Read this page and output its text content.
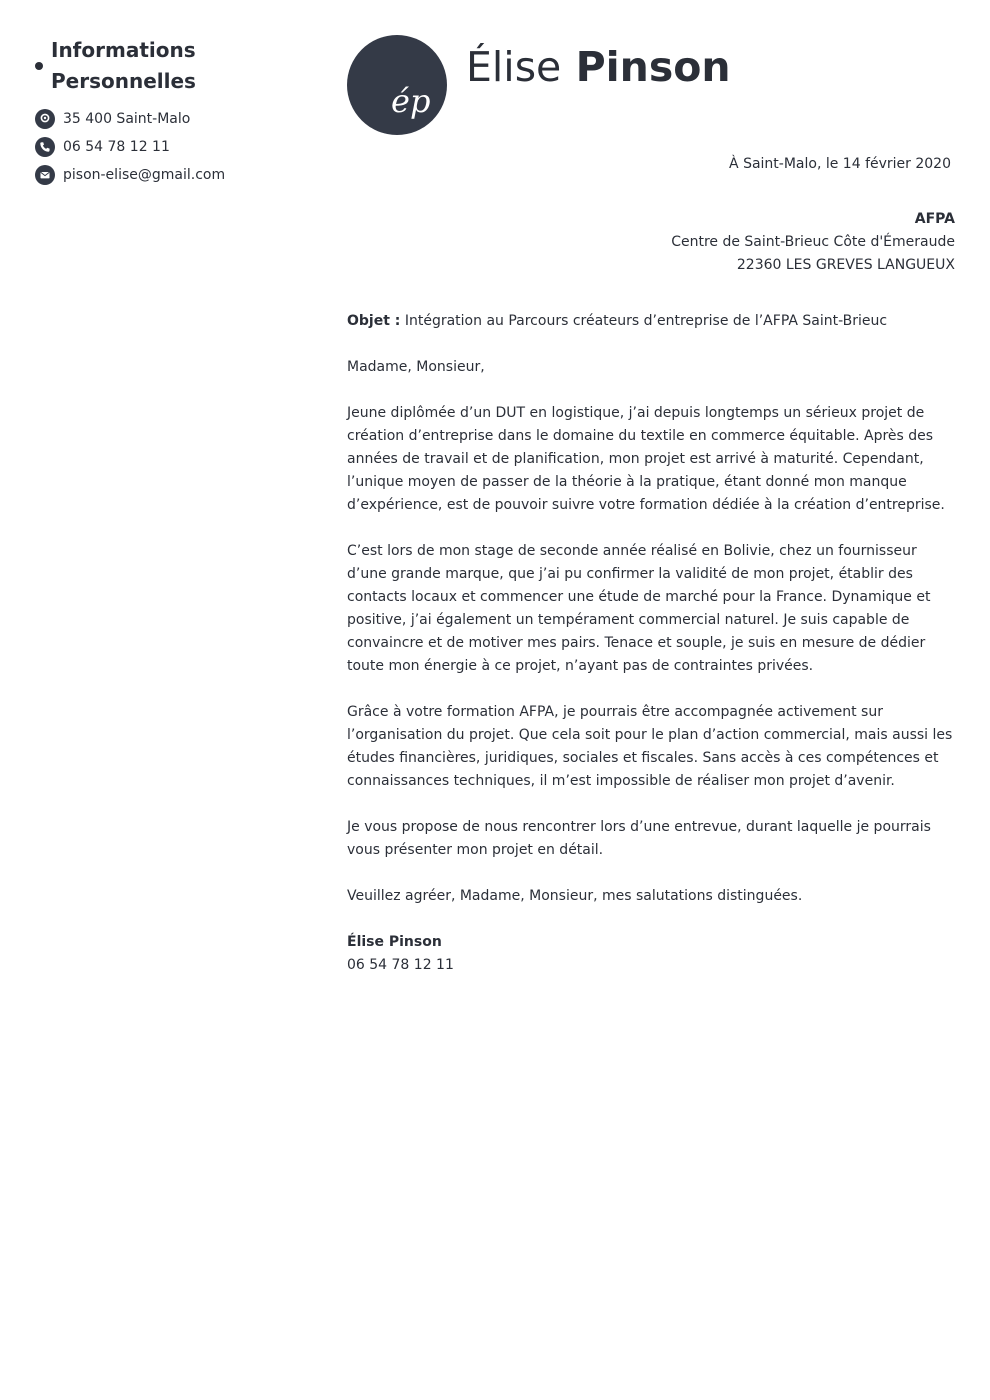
Informations
Personnelles
35 400 Saint-Malo
06 54 78 12 11
pison-elise@gmail.com
ép
Élise Pinson
À Saint-Malo, le 14 février 2020
AFPA
Centre de Saint-Brieuc Côte d'Émeraude
22360 LES GREVES LANGUEUX

Objet : Intégration au Parcours créateurs d’entreprise de l’AFPA Saint-Brieuc

Madame, Monsieur,

Jeune diplômée d’un DUT en logistique, j’ai depuis longtemps un sérieux projet de création d’entreprise dans le domaine du textile en commerce équitable. Après des années de travail et de planification, mon projet est arrivé à maturité. Cependant, l’unique moyen de passer de la théorie à la pratique, étant donné mon manque d’expérience, est de pouvoir suivre votre formation dédiée à la création d’entreprise.

C’est lors de mon stage de seconde année réalisé en Bolivie, chez un fournisseur d’une grande marque, que j’ai pu confirmer la validité de mon projet, établir des contacts locaux et commencer une étude de marché pour la France. Dynamique et positive, j’ai également un tempérament commercial naturel. Je suis capable de convaincre et de motiver mes pairs. Tenace et souple, je suis en mesure de dédier toute mon énergie à ce projet, n’ayant pas de contraintes privées.

Grâce à votre formation AFPA, je pourrais être accompagnée activement sur l’organisation du projet. Que cela soit pour le plan d’action commercial, mais aussi les études financières, juridiques, sociales et fiscales. Sans accès à ces compétences et connaissances techniques, il m’est impossible de réaliser mon projet d’avenir.

Je vous propose de nous rencontrer lors d’une entrevue, durant laquelle je pourrais vous présenter mon projet en détail.

Veuillez agréer, Madame, Monsieur, mes salutations distinguées.

Élise Pinson
06 54 78 12 11
